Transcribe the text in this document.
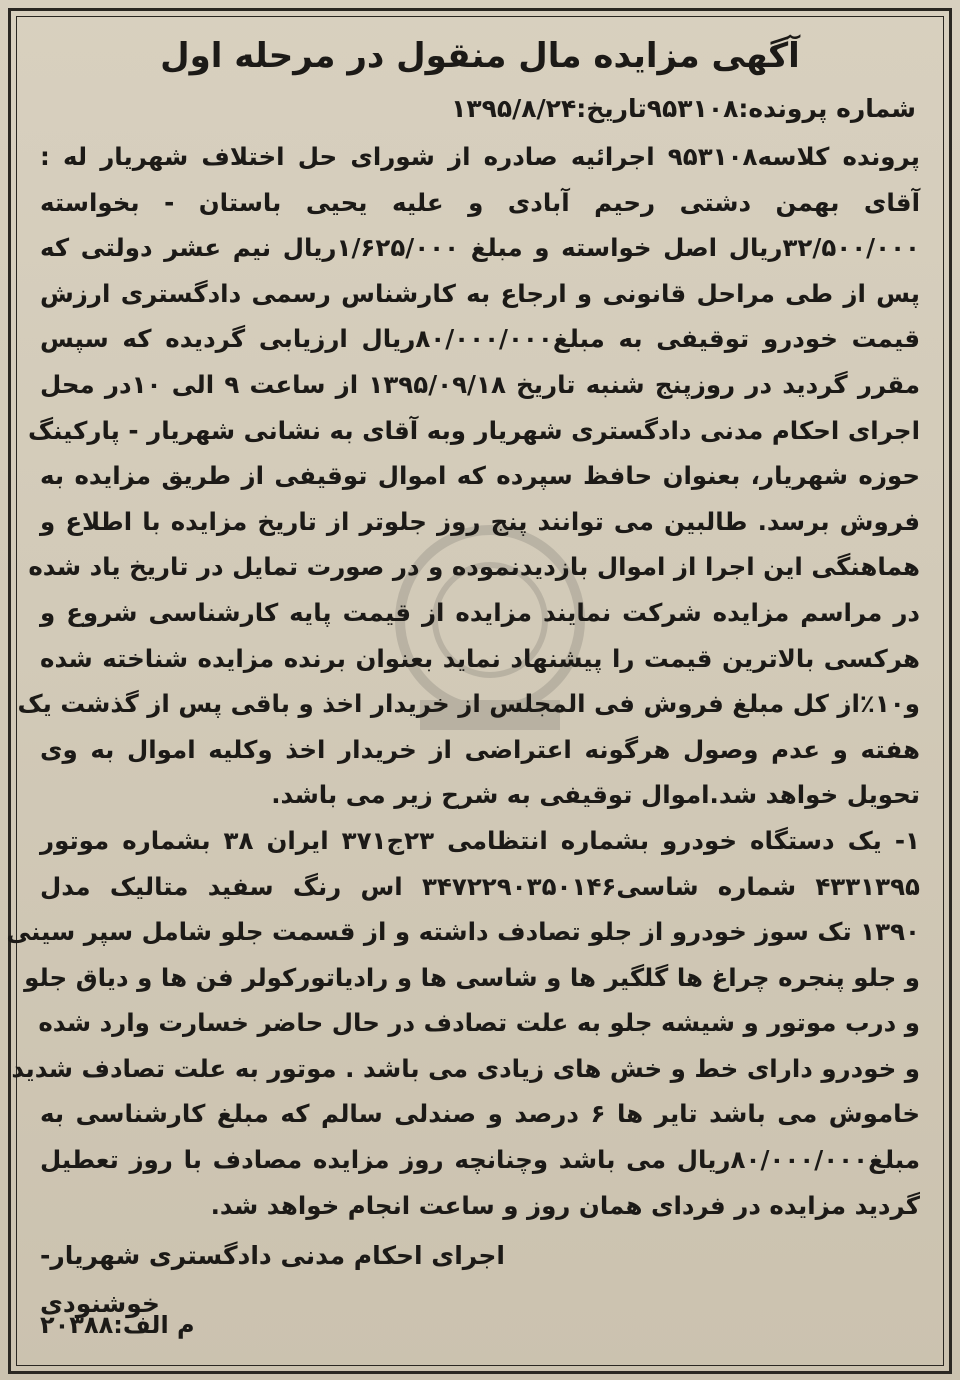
آگهی مزایده مال منقول در مرحله اول

شماره پرونده:۹۵۳۱۰۸تاریخ:۱۳۹۵/۸/۲۴

پرونده کلاسه۹۵۳۱۰۸ اجرائیه صادره از شورای حل اختلاف شهریار له :

آقای بهمن دشتی رحیم آبادی و علیه یحیی باستان - بخواسته

۳۲/۵۰۰/۰۰۰ریال اصل خواسته و مبلغ ۱/۶۲۵/۰۰۰ریال نیم عشر دولتی که

پس از طی مراحل قانونی و ارجاع به کارشناس رسمی دادگستری ارزش

قیمت خودرو توقیفی به مبلغ۸۰/۰۰۰/۰۰۰ریال ارزیابی گردیده که سپس

مقرر گردید در روزپنج شنبه تاریخ ۱۳۹۵/۰۹/۱۸ از ساعت ۹ الی ۱۰در محل

اجرای احکام مدنی دادگستری شهریار وبه آقای به نشانی شهریار - پارکینگ

حوزه شهریار، بعنوان حافظ سپرده که اموال توقیفی از طریق مزایده به

فروش برسد. طالبین می توانند پنج روز جلوتر از تاریخ مزایده با اطلاع و

هماهنگی این اجرا از اموال بازدیدنموده و در صورت تمایل در تاریخ یاد شده

در مراسم مزایده شرکت نمایند مزایده از قیمت پایه کارشناسی شروع و

هرکسی بالاترین قیمت را پیشنهاد نماید بعنوان برنده مزایده شناخته شده

و۱۰٪از کل مبلغ فروش فی المجلس از خریدار اخذ و باقی پس از گذشت یک

هفته و عدم وصول هرگونه اعتراضی از خریدار اخذ وکلیه اموال به وی

تحویل خواهد شد.اموال توقیفی به شرح زیر می باشد.

۱- یک دستگاه خودرو بشماره انتظامی ۲۳ج۳۷۱ ایران ۳۸ بشماره موتور

۴۳۳۱۳۹۵ شماره شاسی۳۴۷۲۲۹۰۳۵۰۱۴۶ اس رنگ سفید متالیک مدل

۱۳۹۰ تک سوز خودرو از جلو تصادف داشته و از قسمت جلو شامل سپر سینی

و جلو پنجره چراغ ها گلگیر ها و شاسی ها و رادیاتورکولر فن ها و دیاق جلو

و درب موتور و شیشه جلو به علت تصادف در حال حاضر خسارت وارد شده

و خودرو دارای خط و خش های زیادی می باشد . موتور به علت تصادف شدید

خاموش می باشد تایر ها ۶ درصد و صندلی سالم که مبلغ کارشناسی به

مبلغ۸۰/۰۰۰/۰۰۰ریال می باشد وچنانچه روز مزایده مصادف با روز تعطیل

گردید مزایده در فردای همان روز و ساعت انجام خواهد شد.

اجرای احکام مدنی دادگستری شهریار-خوشنودی

م الف:۲۰۳۸۸
